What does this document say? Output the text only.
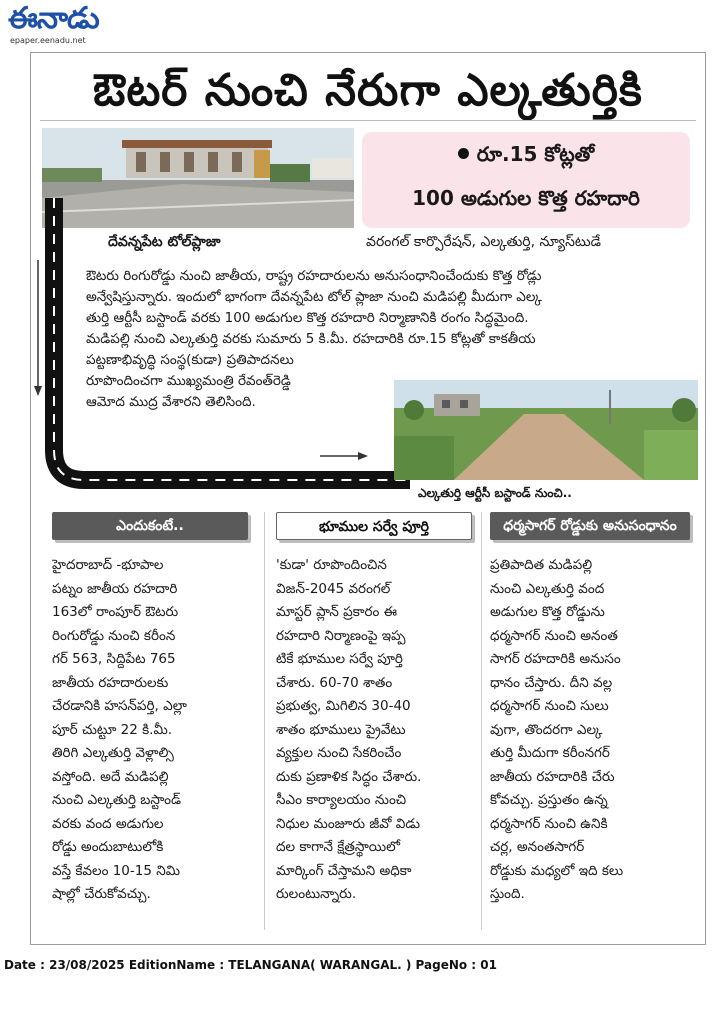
ఈనాడు
epaper.eenadu.net
ఔటర్‌ నుంచి నేరుగా ఎల్కతుర్తికి
దేవన్నపేట టోల్‌ప్లాజా
రూ.15 కోట్లతో
100 అడుగుల కొత్త రహదారి
వరంగల్‌ కార్పొరేషన్‌, ఎల్కతుర్తి, న్యూస్‌టుడే
ఔటరు రింగురోడ్డు నుంచి జాతీయ, రాష్ట్ర రహదారులను అనుసంధానించేందుకు కొత్త రోడ్లు
అన్వేషిస్తున్నారు. ఇందులో భాగంగా దేవన్నపేట టోల్‌ ప్లాజా నుంచి మడిపల్లి మీదుగా ఎల్క
తుర్తి ఆర్టీసీ బస్టాండ్‌ వరకు 100 అడుగుల కొత్త రహదారి నిర్మాణానికి రంగం సిద్ధమైంది.
మడిపల్లి నుంచి ఎల్కతుర్తి వరకు సుమారు 5 కి.మీ. రహదారికి రూ.15 కోట్లతో కాకతీయ
పట్టణాభివృద్ధి సంస్థ(కుడా) ప్రతిపాదనలు
రూపొందించగా ముఖ్యమంత్రి రేవంత్‌రెడ్డి
ఆమోద ముద్ర వేశారని తెలిసింది.
ఎల్కతుర్తి ఆర్టీసీ బస్టాండ్‌ నుంచి..
ఎందుకంటే..
హైదరాబాద్‌ -భూపాల
పట్నం జాతీయ రహదారి
163లో రాంపూర్‌ ఔటరు
రింగురోడ్డు నుంచి కరీంన
గర్‌ 563, సిద్దిపేట 765
జాతీయ రహదారులకు
చేరడానికి హసన్‌పర్తి, ఎల్లా
పూర్‌ చుట్టూ 22 కి.మీ.
తిరిగి ఎల్కతుర్తి వెళ్లాల్సి
వస్తోంది. అదే మడిపల్లి
నుంచి ఎల్కతుర్తి బస్టాండ్‌
వరకు వంద అడుగుల
రోడ్డు అందుబాటులోకి
వస్తే కేవలం 10-15 నిమి
షాల్లో చేరుకోవచ్చు.
భూముల సర్వే పూర్తి
'కుడా' రూపొందించిన
విజన్‌-2045 వరంగల్‌
మాస్టర్‌ ప్లాన్‌ ప్రకారం ఈ
రహదారి నిర్మాణంపై ఇప్ప
టికే భూముల సర్వే పూర్తి
చేశారు. 60-70 శాతం
ప్రభుత్వ, మిగిలిన 30-40
శాతం భూములు ప్రైవేటు
వ్యక్తుల నుంచి సేకరించేం
దుకు ప్రణాళిక సిద్ధం చేశారు.
సీఎం కార్యాలయం నుంచి
నిధుల మంజూరు జీవో విడు
దల కాగానే క్షేత్రస్థాయిలో
మార్కింగ్‌ చేస్తామని అధికా
రులంటున్నారు.
ధర్మసాగర్‌ రోడ్డుకు అనుసంధానం
ప్రతిపాదిత మడిపల్లి
నుంచి ఎల్కతుర్తి వంద
అడుగుల కొత్త రోడ్డును
ధర్మసాగర్‌ నుంచి అనంత
సాగర్‌ రహదారికి అనుసం
ధానం చేస్తారు. దీని వల్ల
ధర్మసాగర్‌ నుంచి సులు
వుగా, తొందరగా ఎల్క
తుర్తి మీదుగా కరీంనగర్‌
జాతీయ రహదారికి చేరు
కోవచ్చు. ప్రస్తుతం ఉన్న
ధర్మసాగర్‌ నుంచి ఉనికి
చర్ల, అనంతసాగర్‌
రోడ్డుకు మధ్యలో ఇది కలు
స్తుంది.
Date : 23/08/2025 EditionName : TELANGANA( WARANGAL. ) PageNo : 01
